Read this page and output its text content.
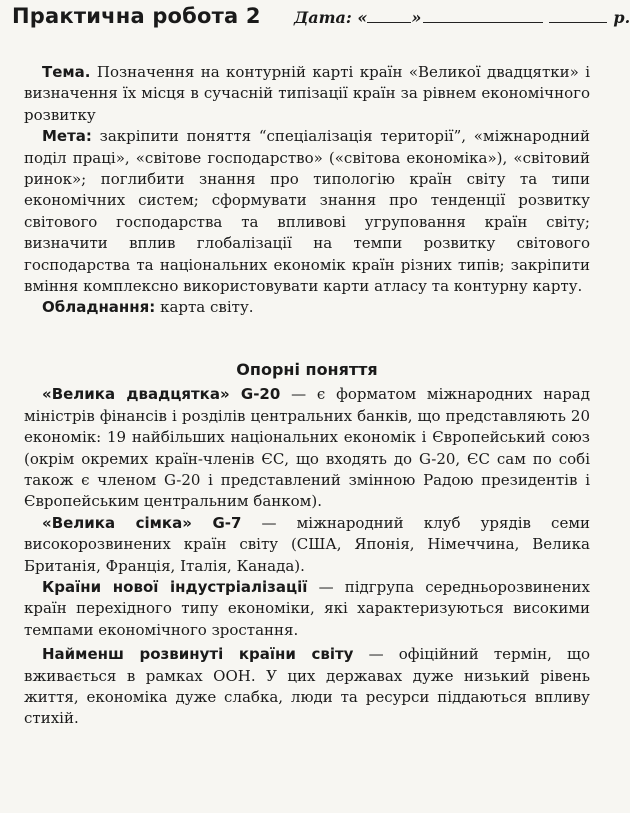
Практична робота 2 Дата: «	»	р.

Тема. Позначення на контурній карті країн «Великої двадцятки» і визначення їх місця в сучасній типізації країн за рівнем економічного розвитку

Мета: закріпити поняття “спеціалізація території”, «міжнародний поділ праці», «світове господарство» («світова економіка»), «світовий ринок»; поглибити знання про типологію країн світу та типи економічних систем; сформувати знання про тенденції розвитку світового господарства та впливові угруповання країн світу; визначити вплив глобалізації на темпи розвитку світового господарства та національних економік країн різних типів; закріпити вміння комплексно використовувати карти атласу та контурну карту.

Обладнання: карта світу.

Опорні поняття

«Велика двадцятка» G-20 — є форматом міжнародних нарад міністрів фінансів і розділів центральних банків, що представляють 20 економік: 19 найбільших національних економік і Європейський союз (окрім окремих країн-членів ЄС, що входять до G-20, ЄС сам по собі також є членом G-20 і представлений змінною Радою президентів і Європейським центральним банком).

«Велика сімка» G-7 — міжнародний клуб урядів семи високорозвинених країн світу (США, Японія, Німеччина, Велика Британія, Франція, Італія, Канада).

Країни нової індустріалізації — підгрупа середньорозвинених країн перехідного типу економіки, які характеризуються високими темпами економічного зростання.

Найменш розвинуті країни світу — офіційний термін, що вживається в рамках ООН. У цих державах дуже низький рівень життя, економіка дуже слабка, люди та ресурси піддаються впливу стихій.
